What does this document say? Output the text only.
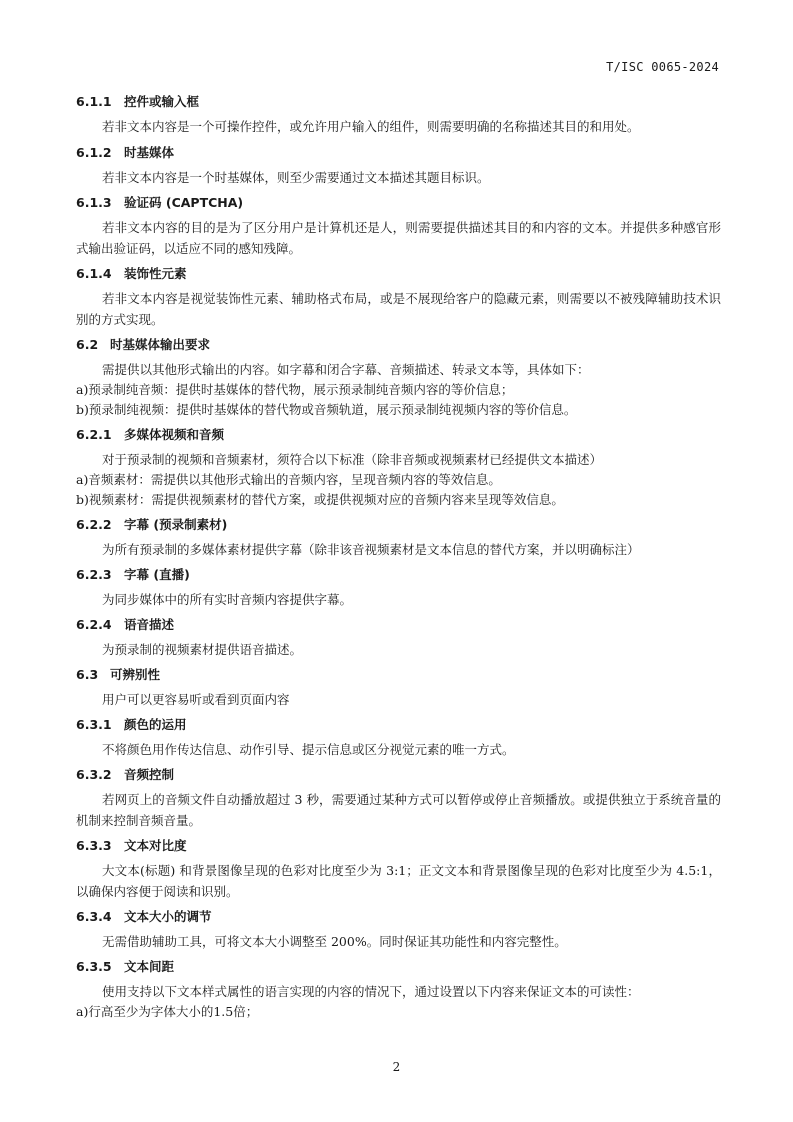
T/ISC 0065-2024
6.1.1 控件或输入框

若非文本内容是一个可操作控件，或允许用户输入的组件，则需要明确的名称描述其目的和用处。

6.1.2 时基媒体

若非文本内容是一个时基媒体，则至少需要通过文本描述其题目标识。

6.1.3 验证码 (CAPTCHA)

若非文本内容的目的是为了区分用户是计算机还是人，则需要提供描述其目的和内容的文本。并提供多种感官形式输出验证码，以适应不同的感知残障。

6.1.4 装饰性元素

若非文本内容是视觉装饰性元素、辅助格式布局，或是不展现给客户的隐藏元素，则需要以不被残障辅助技术识别的方式实现。

6.2 时基媒体输出要求
需提供以其他形式输出的内容。如字幕和闭合字幕、音频描述、转录文本等，具体如下：
a)预录制纯音频：提供时基媒体的替代物，展示预录制纯音频内容的等价信息；
b)预录制纯视频：提供时基媒体的替代物或音频轨道，展示预录制纯视频内容的等价信息。
6.2.1 多媒体视频和音频
对于预录制的视频和音频素材，须符合以下标准（除非音频或视频素材已经提供文本描述）
a)音频素材：需提供以其他形式输出的音频内容，呈现音频内容的等效信息。
b)视频素材：需提供视频素材的替代方案，或提供视频对应的音频内容来呈现等效信息。
6.2.2 字幕 (预录制素材)
为所有预录制的多媒体素材提供字幕（除非该音视频素材是文本信息的替代方案，并以明确标注）
6.2.3 字幕 (直播)
为同步媒体中的所有实时音频内容提供字幕。
6.2.4 语音描述
为预录制的视频素材提供语音描述。
6.3 可辨别性
用户可以更容易听或看到页面内容
6.3.1 颜色的运用
不将颜色用作传达信息、动作引导、提示信息或区分视觉元素的唯一方式。
6.3.2 音频控制

若网页上的音频文件自动播放超过 3 秒，需要通过某种方式可以暂停或停止音频播放。或提供独立于系统音量的机制来控制音频音量。

6.3.3 文本对比度

大文本(标题) 和背景图像呈现的色彩对比度至少为 3:1；正文文本和背景图像呈现的色彩对比度至少为 4.5:1，以确保内容便于阅读和识别。

6.3.4 文本大小的调节
无需借助辅助工具，可将文本大小调整至 200%。同时保证其功能性和内容完整性。
6.3.5 文本间距
使用支持以下文本样式属性的语言实现的内容的情况下，通过设置以下内容来保证文本的可读性：
a)行高至少为字体大小的1.5倍；
2
